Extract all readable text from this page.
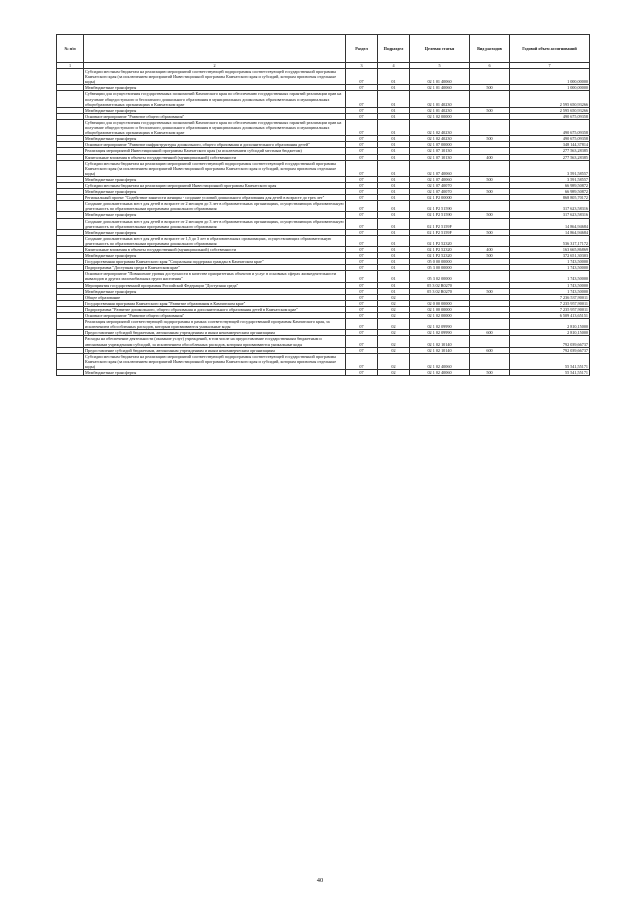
№ п/п		Раздел	Подраздел	Целевая статья	Вид расходов	Годовой объем ассигнований
1	2	3	4	5	6	7
	Субсидии местным бюджетам на реализацию мероприятий соответствующей подпрограммы соответствующей государственной программы Камчатского края (за исключением мероприятий Инвестиционной программы Камчатского края и субсидий, которым присвоены отдельные коды)	07	01	02 1 01 40060		1 000,00000
	Межбюджетные трансферты	07	01	02 1 01 40060	500	1 000,00000
	Субвенции для осуществления государственных полномочий Камчатского края по обеспечению государственных гарантий реализации прав на получение общедоступного и бесплатного дошкольного образования в муниципальных дошкольных образовательных и муниципальных общеобразовательных организациях в Камчатском крае	07	01	02 1 01 40230		2 595 650,93266
	Межбюджетные трансферты	07	01	02 1 01 40230	500	2 595 650,93266
	Основное мероприятие "Развитие общего образования"	07	01	02 1 02 00000		490 675,09358
	Субвенции для осуществления государственных полномочий Камчатского края по обеспечению государственных гарантий реализации прав на получение общедоступного и бесплатного дошкольного образования в муниципальных дошкольных образовательных и муниципальных общеобразовательных организациях в Камчатском крае	07	01	02 1 02 40230		490 675,09358
	Межбюджетные трансферты	07	01	02 1 02 40230	500	490 675,09358
	Основное мероприятие "Развитие инфраструктуры дошкольного, общего образования и дополнительного образования детей"	07	01	02 1 07 00000		348 144,37814
	Реализация мероприятий Инвестиционной программы Камчатского края (за исключением субсидий местным бюджетам)	07	01	02 1 07 10130		277 563,28385
	Капитальные вложения в объекты государственной (муниципальной) собственности	07	01	02 1 07 10130	400	277 563,28385
	Субсидии местным бюджетам на реализацию мероприятий соответствующей подпрограммы соответствующей государственной программы Камчатского края (за исключением мероприятий Инвестиционной программы Камчатского края и субсидий, которым присвоены отдельные коды)	07	01	02 1 07 40060		3 591,58557
	Межбюджетные трансферты	07	01	02 1 07 40060	500	3 591,58557
	Субсидии местным бюджетам на реализацию мероприятий Инвестиционной программы Камчатского края	07	01	02 1 07 40070		66 989,50872
	Межбюджетные трансферты	07	01	02 1 07 40070	500	66 989,50872
	Региональный проект "Содействие занятости женщин - создание условий дошкольного образования для детей в возрасте до трех лет"	07	01	02 1 P2 00000		868 805,70172
	Создание дополнительных мест для детей в возрасте от 2 месяцев до 3 лет в образовательных организациях, осуществляющих образовательную деятельность по образовательным программам дошкольного образования	07	01	02 1 P2 51590		317 623,58316
	Межбюджетные трансферты	07	01	02 1 P2 51590	500	317 623,58316
	Создание дополнительных мест для детей в возрасте от 2 месяцев до 3 лет в образовательных организациях, осуществляющих образовательную деятельность по образовательным программам дошкольного образования	07	01	02 1 P2 5159F		14 864,94684
	Межбюджетные трансферты	07	01	02 1 P2 5159F	500	14 864,94684
	Создание дополнительных мест для детей в возрасте от 1,5 до 3 лет в образовательных организациях, осуществляющих образовательную деятельность по образовательным программам дошкольного образования	07	01	02 1 P2 52320		536 317,17172
	Капитальные вложения в объекты государственной (муниципальной) собственности	07	01	02 1 P2 52320	400	163 665,86869
	Межбюджетные трансферты	07	01	02 1 P2 52320	500	372 651,30303
	Государственная программа Камчатского края "Социальная поддержка граждан в Камчатском крае"	07	01	05 0 00 00000		1 743,50000
	Подпрограмма "Доступная среда в Камчатском крае"	07	01	05 3 00 00000		1 743,50000
	Основное мероприятие "Повышение уровня доступности в качестве приоритетных объектов и услуг в основных сферах жизнедеятельности инвалидов и других маломобильных групп населения"	07	01	05 3 02 00000		1 743,50000
	Мероприятия государственной программы Российской Федерации "Доступная среда"	07	01	05 3 02 R0270		1 743,50000
	Межбюджетные трансферты	07	01	05 3 02 R0270	500	1 743,50000
	Общее образование	07	02			7 236 537,90011
	Государственная программа Камчатского края "Развитие образования в Камчатском крае"	07	02	02 0 00 00000		7 235 957,90011
	Подпрограмма "Развитие дошкольного, общего образования и дополнительного образования детей в Камчатском крае"	07	02	02 1 00 00000		7 235 957,90011
	Основное мероприятие "Развитие общего образования"	07	02	02 1 02 00000		6 509 413,65151
	Реализация мероприятий соответствующей подпрограммы в рамках соответствующей государственной программы Камчатского края, за исключением обособленных расходов, которым присваиваются уникальные коды	07	02	02 1 02 09990		2 810,15000
	Предоставление субсидий бюджетным, автономным учреждениям и иным некоммерческим организациям	07	02	02 1 02 09990	600	2 810,15000
	Расходы на обеспечение деятельности (оказание услуг) учреждений, в том числе на предоставление государственным бюджетным и автономным учреждениям субсидий, за исключением обособленных расходов, которым присваиваются уникальные коды	07	02	02 1 02 10140		792 039,66737
	Предоставление субсидий бюджетным, автономным учреждениям и иным некоммерческим организациям	07	02	02 1 02 10140	600	792 039,66737
	Субсидии местным бюджетам на реализацию мероприятий соответствующей подпрограммы соответствующей государственной программы Камчатского края (за исключением мероприятий Инвестиционной программы Камчатского края и субсидий, которым присвоены отдельные коды)	07	02	02 1 02 40060		55 541,55171
	Межбюджетные трансферты	07	02	02 1 02 40060	500	55 541,55171
40
